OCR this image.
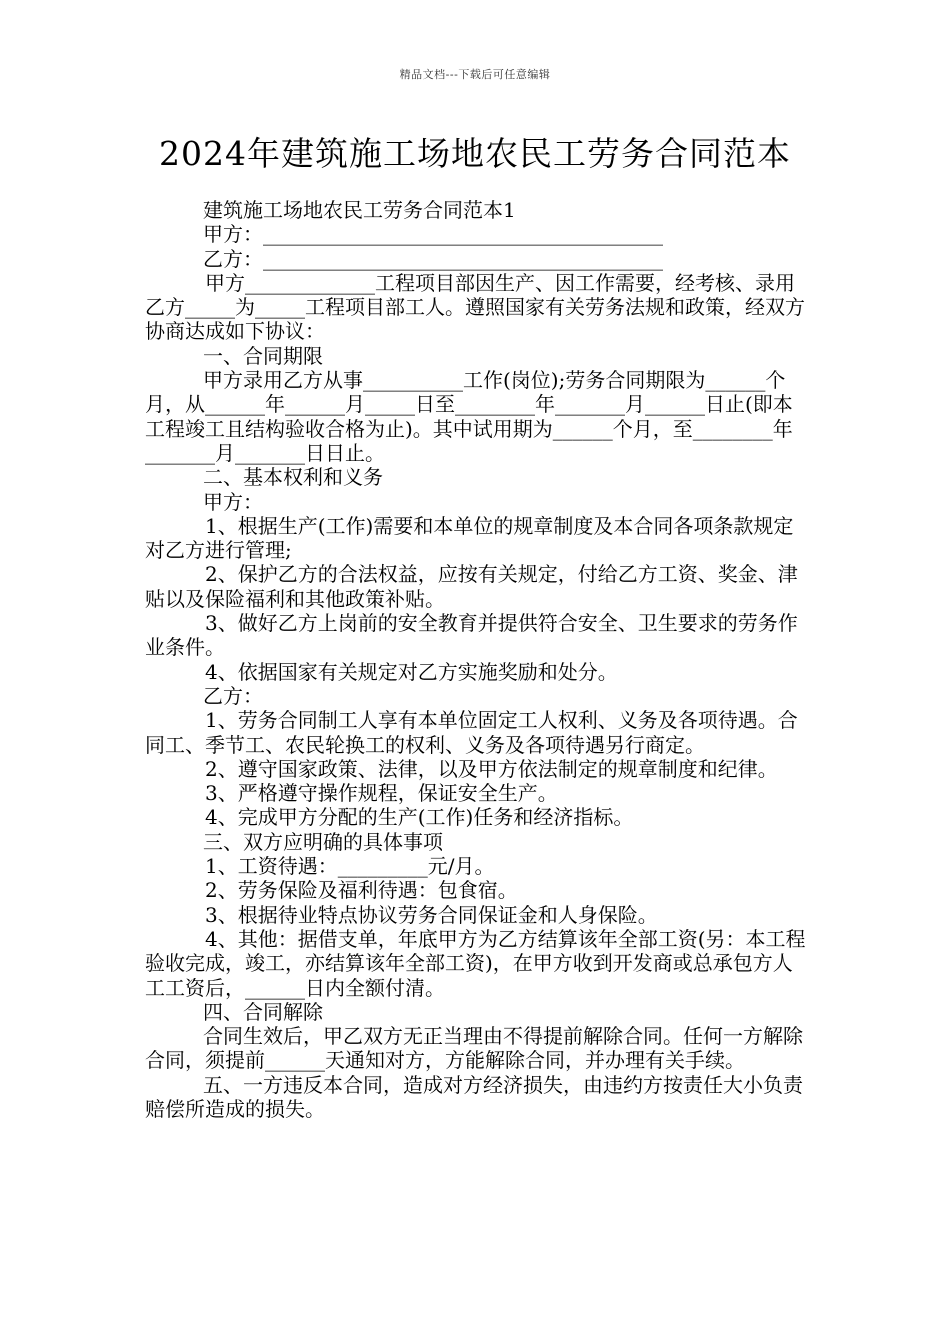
精品文档---下载后可任意编辑
2024年建筑施工场地农民工劳务合同范本

建筑施工场地农民工劳务合同范本1

甲方：________________________________________

乙方：________________________________________

甲方_____________工程项目部因生产、因工作需要，经考核、录用乙方_____为_____工程项目部工人。遵照国家有关劳务法规和政策，经双方协商达成如下协议：

一、合同期限

甲方录用乙方从事__________工作(岗位);劳务合同期限为______个月，从______年______月_____日至________年_______月______日止(即本工程竣工且结构验收合格为止)。其中试用期为______个月，至________年_______月_______日日止。

二、基本权利和义务

甲方：

1、根据生产(工作)需要和本单位的规章制度及本合同各项条款规定对乙方进行管理;

2、保护乙方的合法权益，应按有关规定，付给乙方工资、奖金、津贴以及保险福利和其他政策补贴。

3、做好乙方上岗前的安全教育并提供符合安全、卫生要求的劳务作业条件。

4、依据国家有关规定对乙方实施奖励和处分。

乙方：

1、劳务合同制工人享有本单位固定工人权利、义务及各项待遇。合同工、季节工、农民轮换工的权利、义务及各项待遇另行商定。

2、遵守国家政策、法律，以及甲方依法制定的规章制度和纪律。

3、严格遵守操作规程，保证安全生产。

4、完成甲方分配的生产(工作)任务和经济指标。

三、双方应明确的具体事项

1、工资待遇：_________元/月。

2、劳务保险及福利待遇：包食宿。

3、根据待业特点协议劳务合同保证金和人身保险。

4、其他：据借支单，年底甲方为乙方结算该年全部工资(另：本工程验收完成，竣工，亦结算该年全部工资)，在甲方收到开发商或总承包方人工工资后，______日内全额付清。

四、合同解除

合同生效后，甲乙双方无正当理由不得提前解除合同。任何一方解除合同，须提前______天通知对方，方能解除合同，并办理有关手续。

五、一方违反本合同，造成对方经济损失，由违约方按责任大小负责赔偿所造成的损失。
